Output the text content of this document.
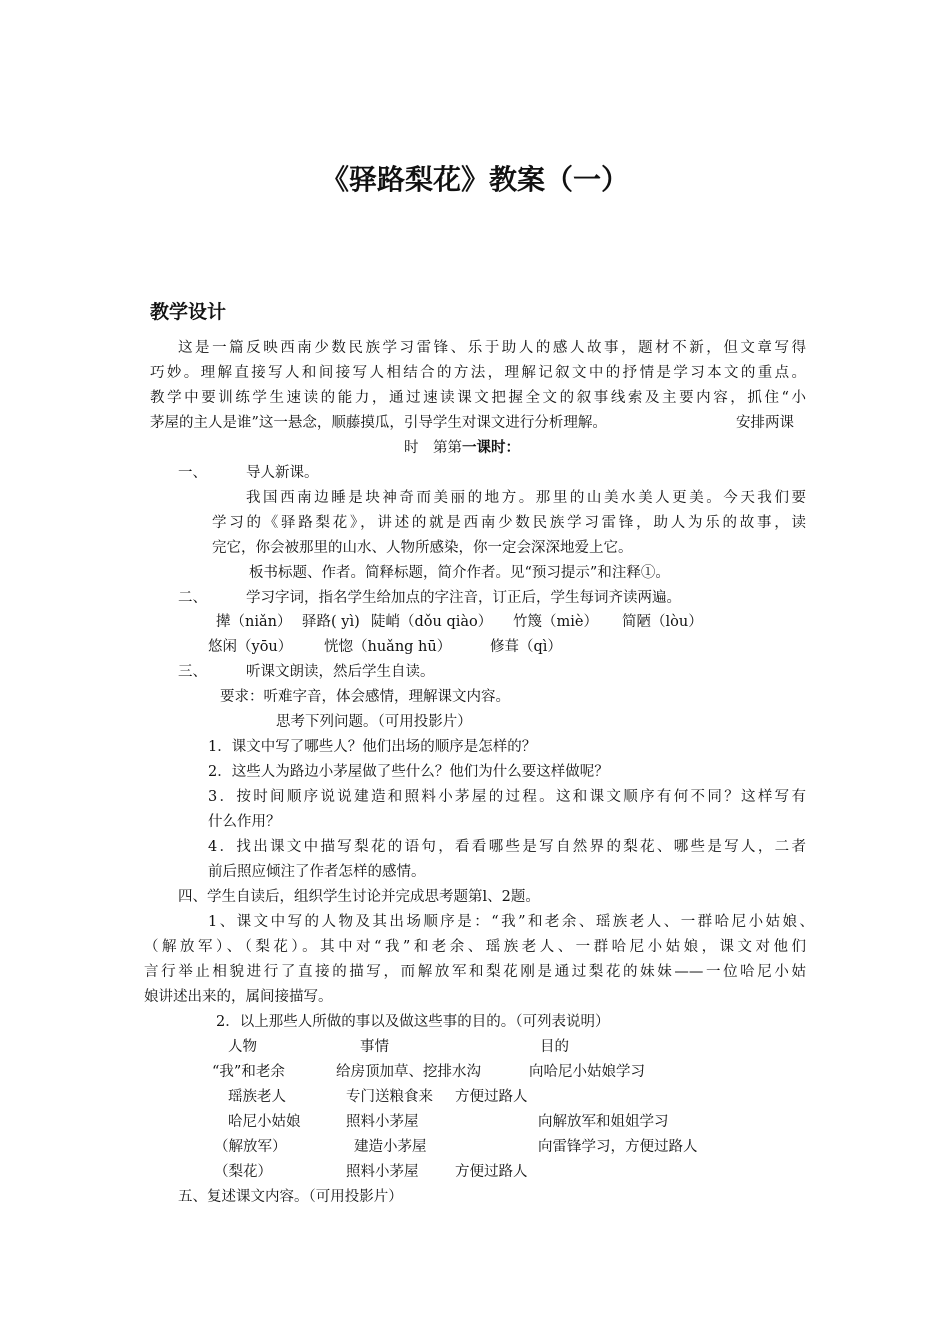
《驿路梨花》教案（一）
教学设计
这是一篇反映西南少数民族学习雷锋、乐于助人的感人故事，题材不新，但文章写得
巧妙。理解直接写人和间接写人相结合的方法，理解记叙文中的抒情是学习本文的重点。
教学中要训练学生速读的能力，通过速读课文把握全文的叙事线索及主要内容，抓住“小
茅屋的主人是谁”这一悬念，顺藤摸瓜，引导学生对课文进行分析理解。	安排两课
时　第第一课时：
一、	导人新课。
我国西南边睡是块神奇而美丽的地方。那里的山美水美人更美。今天我们要
学习的《驿路梨花》，讲述的就是西南少数民族学习雷锋，助人为乐的故事，读
完它，你会被那里的山水、人物所感染，你一定会深深地爱上它。
板书标题、作者。简释标题，简介作者。见“预习提示”和注释①。
二、	学习字词，指名学生给加点的字注音，订正后，学生每词齐读两遍。
撵（niǎn） 驿路( yì) 陡峭（dǒu qiào） 竹篾（miè） 简陋（lòu）
悠闲（yōu） 恍惚（huǎng hū）	修葺（qì）
三、	听课文朗读，然后学生自读。
要求：听难字音，体会感情，理解课文内容。
思考下列问题。（可用投影片）
1．课文中写了哪些人？他们出场的顺序是怎样的？
2．这些人为路边小茅屋做了些什么？他们为什么要这样做呢？
3．按时间顺序说说建造和照料小茅屋的过程。这和课文顺序有何不同？这样写有
什么作用？
4．找出课文中描写梨花的语句，看看哪些是写自然界的梨花、哪些是写人，二者
前后照应倾注了作者怎样的感情。
四、学生自读后，组织学生讨论并完成思考题第l、2题。
1、课文中写的人物及其出场顺序是：“我”和老余、瑶族老人、一群哈尼小姑娘、
（解放军）、（梨花）。其中对“我”和老余、瑶族老人、一群哈尼小姑娘，课文对他们
言行举止相貌进行了直接的描写，而解放军和梨花刚是通过梨花的妹妹——一位哈尼小姑
娘讲述出来的，属间接描写。
2．以上那些人所做的事以及做这些事的目的。（可列表说明）
人物	事情	目的
“我”和老余	给房顶加草、挖排水沟	向哈尼小姑娘学习
瑶族老人	专门送粮食来 方便过路人
哈尼小姑娘	照料小茅屋	向解放军和姐姐学习
（解放军）	建造小茅屋	向雷锋学习，方便过路人
（梨花）	照料小茅屋	方便过路人
五、复述课文内容。（可用投影片）
